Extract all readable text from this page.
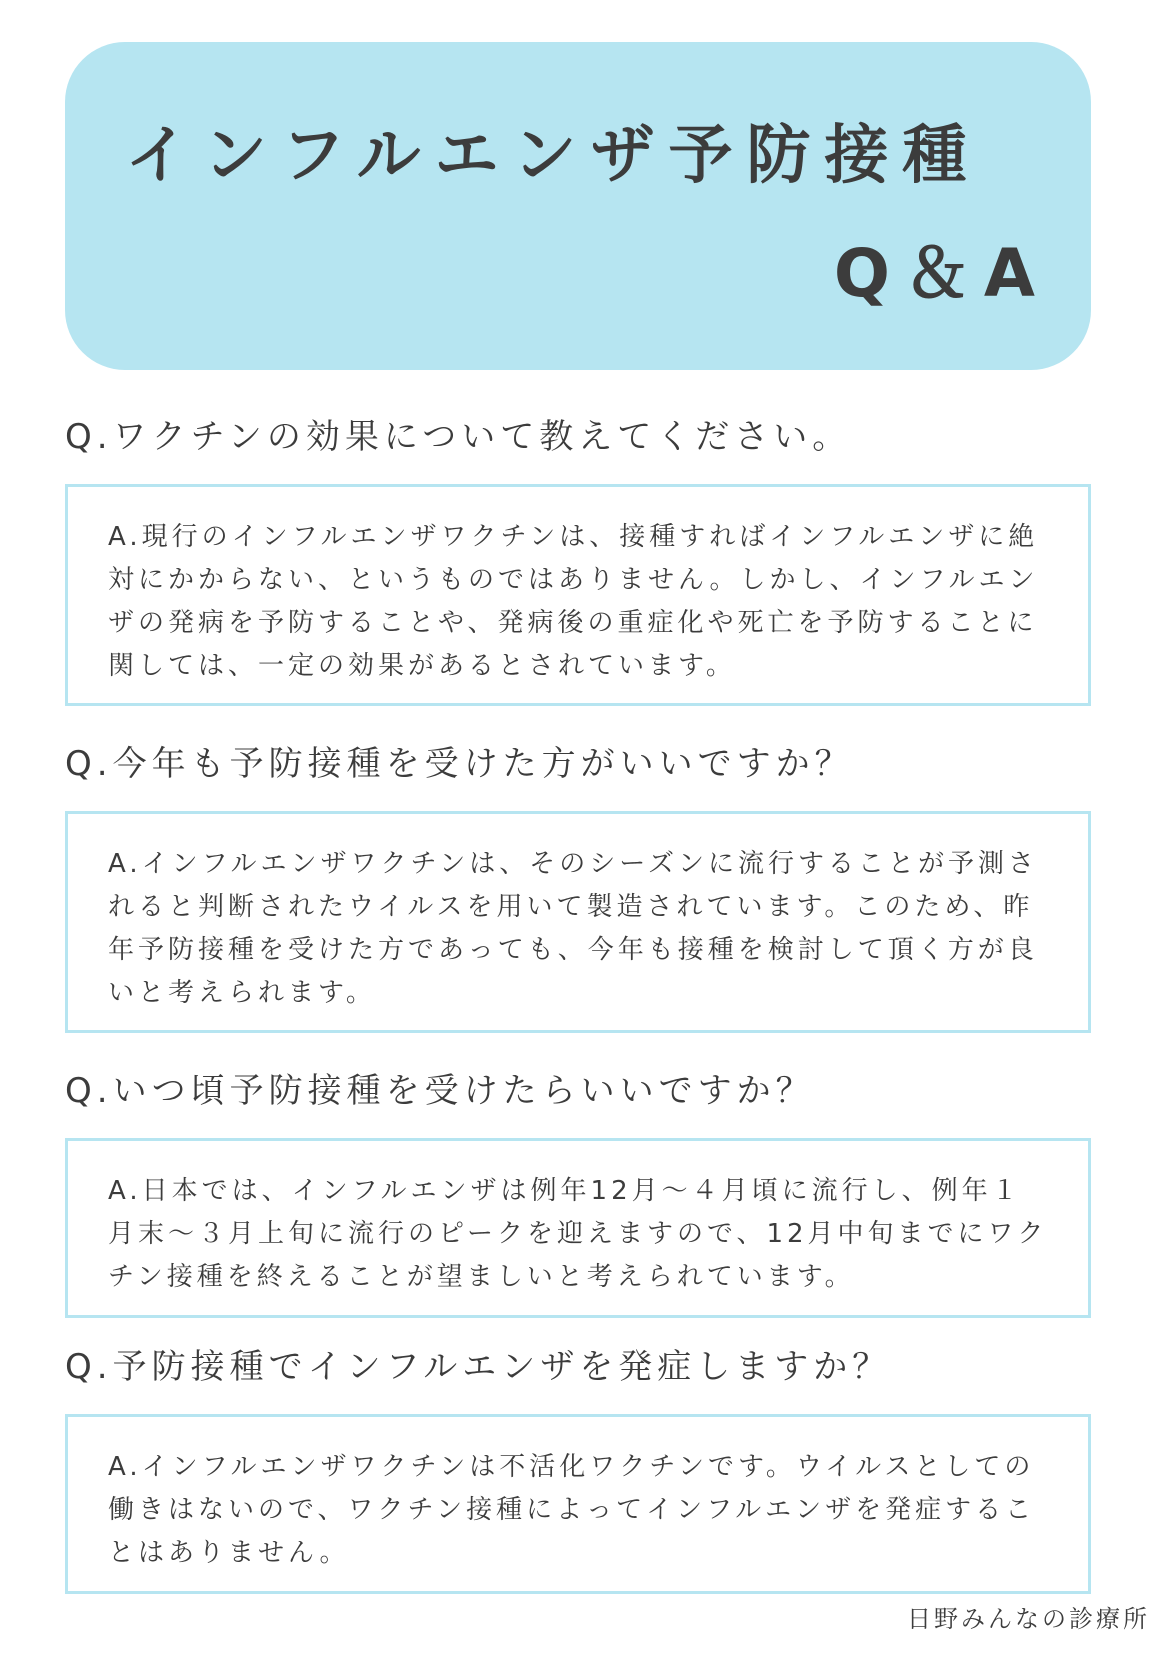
インフルエンザ予防接種
Q＆A
Q.ワクチンの効果について教えてください。
A.現行のインフルエンザワクチンは、接種すればインフルエンザに絶対にかからない、というものではありません。しかし、インフルエンザの発病を予防することや、発病後の重症化や死亡を予防することに関しては、一定の効果があるとされています。
Q.今年も予防接種を受けた方がいいですか？
A.インフルエンザワクチンは、そのシーズンに流行することが予測されると判断されたウイルスを用いて製造されています。このため、昨年予防接種を受けた方であっても、今年も接種を検討して頂く方が良いと考えられます。
Q.いつ頃予防接種を受けたらいいですか？
A.日本では、インフルエンザは例年12月～４月頃に流行し、例年１月末～３月上旬に流行のピークを迎えますので、12月中旬までにワクチン接種を終えることが望ましいと考えられています。
Q.予防接種でインフルエンザを発症しますか？
A.インフルエンザワクチンは不活化ワクチンです。ウイルスとしての働きはないので、ワクチン接種によってインフルエンザを発症することはありません。
日野みんなの診療所
